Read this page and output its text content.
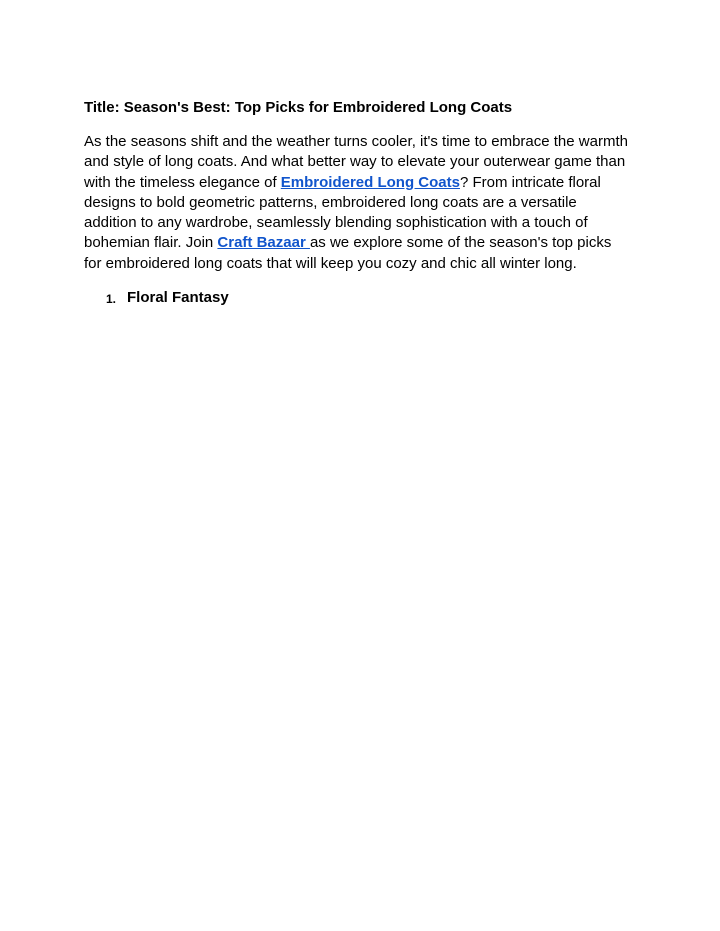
Title: Season's Best: Top Picks for Embroidered Long Coats

As the seasons shift and the weather turns cooler, it's time to embrace the warmth and style of long coats. And what better way to elevate your outerwear game than with the timeless elegance of Embroidered Long Coats? From intricate floral designs to bold geometric patterns, embroidered long coats are a versatile addition to any wardrobe, seamlessly blending sophistication with a touch of bohemian flair. Join Craft Bazaar as we explore some of the season's top picks for embroidered long coats that will keep you cozy and chic all winter long.

1. Floral Fantasy
